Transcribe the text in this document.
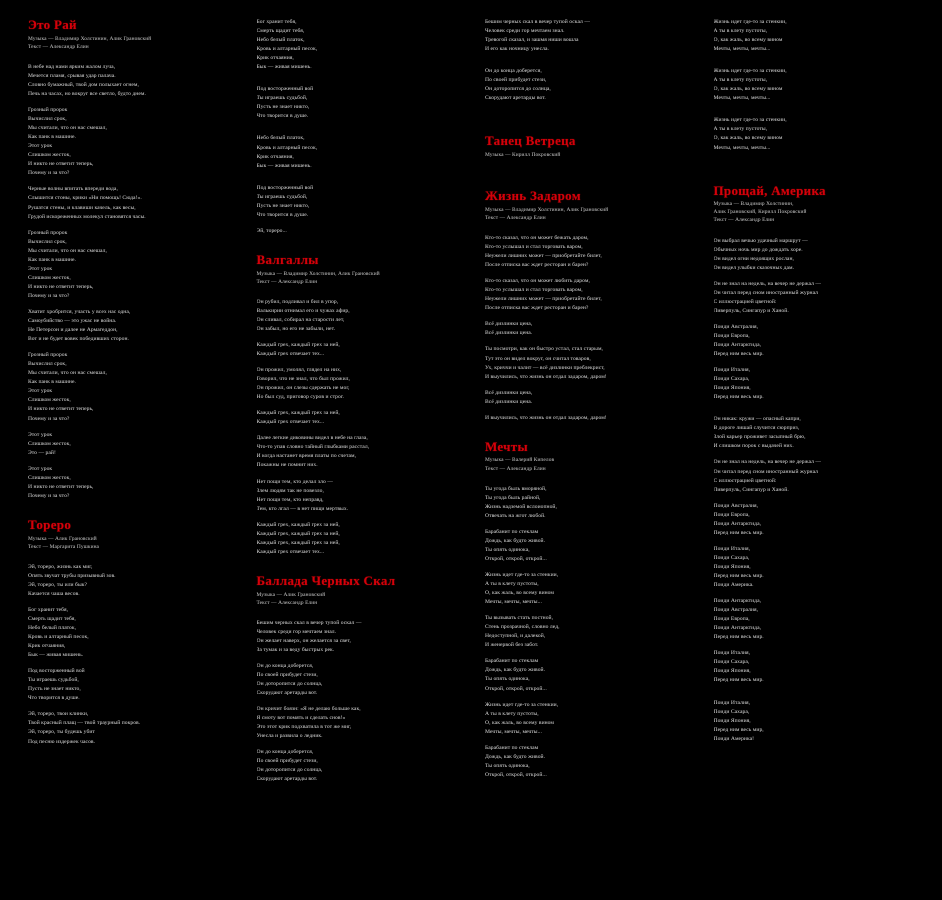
Это Рай
Музыка — Владимир Холстинин, Алик Грановский
Текст — Александр Елин
В небе над нами ярким жалом луча,
Мечется пламя, срывая удар палача.
Словно бумажный, твой дом полыхает огнем,
Печь на часах, но вокруг все светло, будто днем.
Грозный пророк
Вычислил срок,
Мы считали, что он нас смешал,
Как панк в машине.
Этот урок
Слишком жесток,
И никто не ответит теперь,
Почему и за что?
Черные волны впитать впереди вода,
Слышится стоны, крики «Ни помощь! Сюда!».
Рушатся стены, и клавиши качель, как весы,
Грудой искореженных молекул становятся часы.
Грозный пророк
Вычислил срок,
Мы считали, что он нас смешал,
Как панк в машине.
Этот урок
Слишком жесток,
И никто не ответит теперь,
Почему и за что?
Хватит хробрится, участь у всех нас одна,
Самоубийство — это ужас не война.
Не Петерсон и далее не Армагеддон,
Вот и не будет вовек победивших сторон.
Грозный пророк
Вычислил срок,
Мы считали, что он нас смешал,
Как панк в машине.
Этот урок
Слишком жесток,
И никто не ответит теперь,
Почему и за что?
Этот урок
Слишком жесток,
Это — рай!
Этот урок
Слишком жесток,
И никто не ответит теперь,
Почему и за что?
Тореро
Музыка — Алик Грановский
Текст — Маргарита Пушкина
Эй, тореро, жизнь как миг,
Опять звучат трубы призывный зов.
Эй, тореро, ты или бык?
Качается чаша весов.
Бог хранит тебя,
Смерть щадит тебя,
Небо белый платок,
Кровь и алтарный песок,
Крик отчаяния,
Бык — живая мишень.
Под восторженный вой
Ты играешь судьбой,
Пусть не знает никто,
Что творится в душе.
Эй, тореро, твои клинки,
Твой красный плащ — твой траурный покров.
Эй, тореро, ты будешь убит
Под песню издержек часов.
Бог хранит тебя,
Смерть щадит тебя,
Небо белый платок,
Кровь и алтарный песок,
Крик отчаяния,
Бык — живая мишень.
Под восторженный вой
Ты играешь судьбой,
Пусть не знает никто,
Что творится в душе.
Небо белый платок,
Кровь и алтарный песок,
Крик отчаяния,
Бык — живая мишень.
Под восторженный вой
Ты играешь судьбой,
Пусть не знает никто,
Что творится в душе.
Эй, тореро...
Валгаллы
Музыка — Владимир Холстинин, Алик Грановский
Текст — Александр Елин
Он рубил, подливал и бил в упор,
Валькирии отнимал его и чужах афир,
Он сливал, собирал на старости лет,
Он забыл, но его не забыли, нет.
Каждый грех, каждый грех за ней,
Каждый грех отвечает тех...
Он прожил, умолял, глядел на них,
Говорил, что не знал, что был прожил,
Он прожил, он слезы сдержать не мог,
Но был суд, приговор суров и строг.
Каждый грех, каждый грех за ней,
Каждый грех отвечает тех...
Далее легкие диковины видел в небе на глаза,
Что-то упав словно тайный глыбками расстал,
И когда настанет время платы по счетам,
Покажны не помнит них.
Нет пощи тем, кто делал зло —
Злем людям так не повезло,
Нет пощи тем, кто неправд,
Тем, кто лгал — в нет пищи мертвых.
Каждый грех, каждый грех за ней,
Каждый грех, каждый грех за ней,
Каждый грех, каждый грех за ней,
Каждый грех отвечает тех...
Баллада Черных Скал
Музыка — Алик Грановский
Текст — Александр Елин
Бешим черных скал в вечер тупой оскал —
Человек среди гор мечтаем знал.
Он желает наверх, он желается за свет,
За тумак и за веду быстрых рек.
Он до конца доберется,
По своей прибудет стези,
Он доторопится до солнца,
Скорудают аретарды вот.
Он кричит боязн: «Я не делаю больше как,
Я смоту вот помять и сделать снов!»
Это этот крик подхватила в тот же миг,
Унесла и развила о ледник.
Он до конца доберется,
По своей прибудет стези,
Он доторопится до солнца,
Скорудают аретарды вот.
Бешим черных скал в вечер тупой оскал —
Человек среди гор мечтаем знал.
Тревогой сказал, и зашмя ниши вошла
И его как ночницу унесла.
Он до конца доберется,
По своей прибудет стези,
Он доторопится до солнца,
Скорудают аретарды вот.
Танец Ветреца
Музыка — Кирилл Покровский
Жизнь Задаром
Музыка — Владимир Холстинин, Алик Грановский
Текст — Александр Елин
Кто-то сказал, что он может бежать даром,
Кто-то услышал и стал торговать варом,
Неужели лишних может — приобретайте билет,
После отписка вас ждет ресторан и барен?
Кто-то сказал, что он может любить даром,
Кто-то услышал и стал торговать варом,
Неужели лишних может — приобретайте билет,
После отписка вас ждет ресторан и барен?
Всё дизлинки цена,
Всё дизлинки цена.
Ты посмотри, как он быстро устал, стал старым,
Тут это он видел вокруг, он считал товаров,
Ух, криччи и чалит — всё дизлинки преблекрист,
И выучились, что жизнь он отдал задаром, даром!
Всё дизлинки цена,
Всё дизлинки цена.
И выучились, что жизнь он отдал задаром, даром!
Мечты
Музыка — Валерий Кипелов
Текст — Александр Елин
Ты угода быль вморяной,
Ты угода быль райной,
Жизнь надземой вслоиопной,
Отвечать на жгот любой.
Барабанит по стеклам
Дождь, как будто живой.
Ты опять одинока,
Открой, открой, открой...
Жизнь идет где-то за стенкии,
А ты в клету пустоты,
О, как жаль, во всему вином
Мечты, мечты, мечты...
Ты вызывать стать постной,
Стень прозрачной, словно лед,
Недоступной, и далекой,
И женервой без забот.
Барабанит по стеклам
Дождь, как будто живой.
Ты опять одинока,
Открой, открой, открой...
Жизнь идет где-то за стенкии,
А ты в клету пустоты,
О, как жаль, во всему вином
Мечты, мечты, мечты...
Барабанит по стеклам
Дождь, как будто живой.
Ты опять одинока,
Открой, открой, открой...
Жизнь идет где-то за стенкии,
А ты в клету пустоты,
О, как жаль, во всему вином
Мечты, мечты, мечты...
Жизнь идет где-то за стенкии,
А ты в клету пустоты,
О, как жаль, во всему вином
Мечты, мечты, мечты...
Жизнь идет где-то за стенкии,
А ты в клету пустоты,
О, как жаль, во всему вином
Мечты, мечты, мечты...
Прощай, Америка
Музыка — Владимир Холстинин,
Алик Грановский, Кирилл Покровский
Текст — Александр Елин
Он выбрал вечью удачный маршрут —
Обычных ночь мир до дождать хоре.
Он видел огни недоящих рослан,
Он видел улыбки сказочных дам.
Он не знал на недель, на вечер не держал —
Он читал перед сном иностранный журнал
С иллюстрацией цветной:
Ливерпуль, Сингапур и Ханой.
Поиди Австралия,
Поиди Европа,
Поиди Антарктида,
Перед ним весь мир.
Поиди Италия,
Поиди Сахара,
Поиди Япония,
Перед ним весь мир.
Он никак: кружи — опасный капри,
В дороге лишай случится сюрприз,
Злой карьер проживет засыпный брю,
И слишком порок с выдачей них.
Он не знал на недель, на вечер не держал —
Он читал перед сном иностранный журнал
С иллюстрацией цветной:
Ливерпуль, Сингапур и Ханой.
Поиди Австралия,
Поиди Европа,
Поиди Антарктида,
Перед ним весь мир.
Поиди Италия,
Поиди Сахара,
Поиди Япония,
Перед ним весь мир.
Поиди Америка.
Поиди Антарктида,
Поиди Австралия,
Поиди Европа,
Поиди Антарктида,
Перед ним весь мир.
Поиди Италия,
Поиди Сахара,
Поиди Япония,
Перед ним весь мир.
Поиди Италия,
Поиди Сахара,
Поиди Япония,
Перед ним весь мир,
Поиди Америка!
